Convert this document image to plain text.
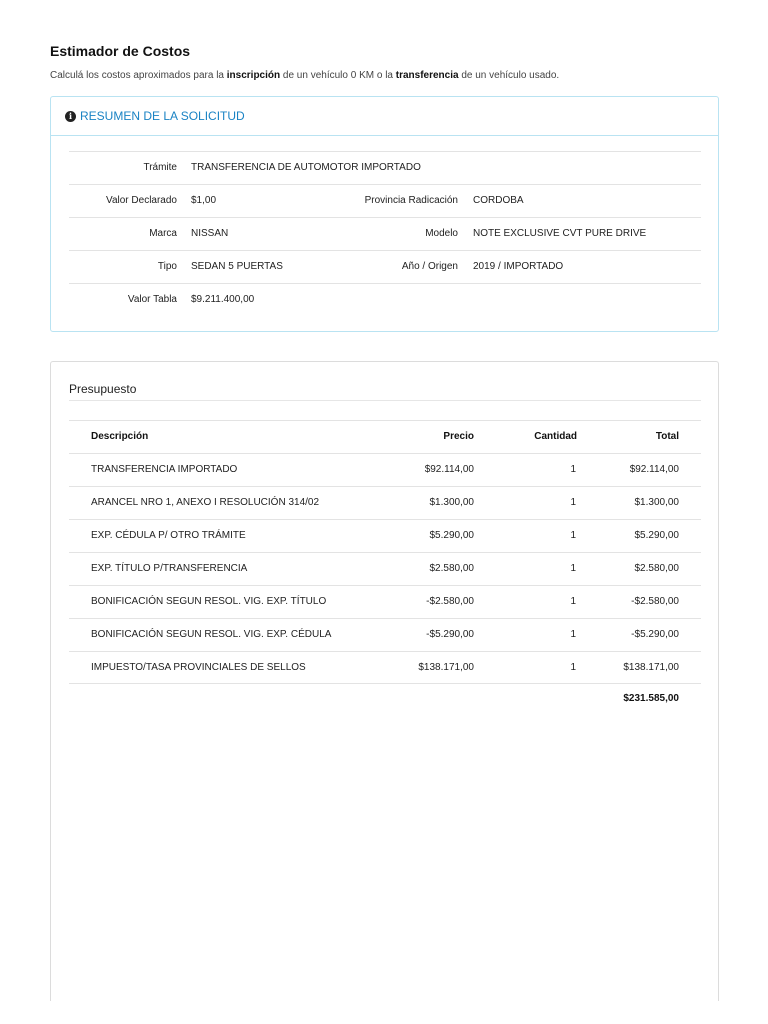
Estimador de Costos
Calculá los costos aproximados para la inscripción de un vehículo 0 KM o la transferencia de un vehículo usado.
i RESUMEN DE LA SOLICITUD
Trámite TRANSFERENCIA DE AUTOMOTOR IMPORTADO
Valor Declarado $1,00	Provincia Radicación CORDOBA
Marca NISSAN	Modelo NOTE EXCLUSIVE CVT PURE DRIVE
Tipo SEDAN 5 PUERTAS	Año / Origen 2019 / IMPORTADO
Valor Tabla $9.211.400,00
Presupuesto
Descripción	Precio	Cantidad	Total
TRANSFERENCIA IMPORTADO	$92.114,00	1	$92.114,00
ARANCEL NRO 1, ANEXO I RESOLUCIÓN 314/02	$1.300,00	1	$1.300,00
EXP. CÉDULA P/ OTRO TRÁMITE	$5.290,00	1	$5.290,00
EXP. TÍTULO P/TRANSFERENCIA	$2.580,00	1	$2.580,00
BONIFICACIÓN SEGUN RESOL. VIG. EXP. TÍTULO	-$2.580,00	1	-$2.580,00
BONIFICACIÓN SEGUN RESOL. VIG. EXP. CÉDULA	-$5.290,00	1	-$5.290,00
IMPUESTO/TASA PROVINCIALES DE SELLOS	$138.171,00	1	$138.171,00
$231.585,00
